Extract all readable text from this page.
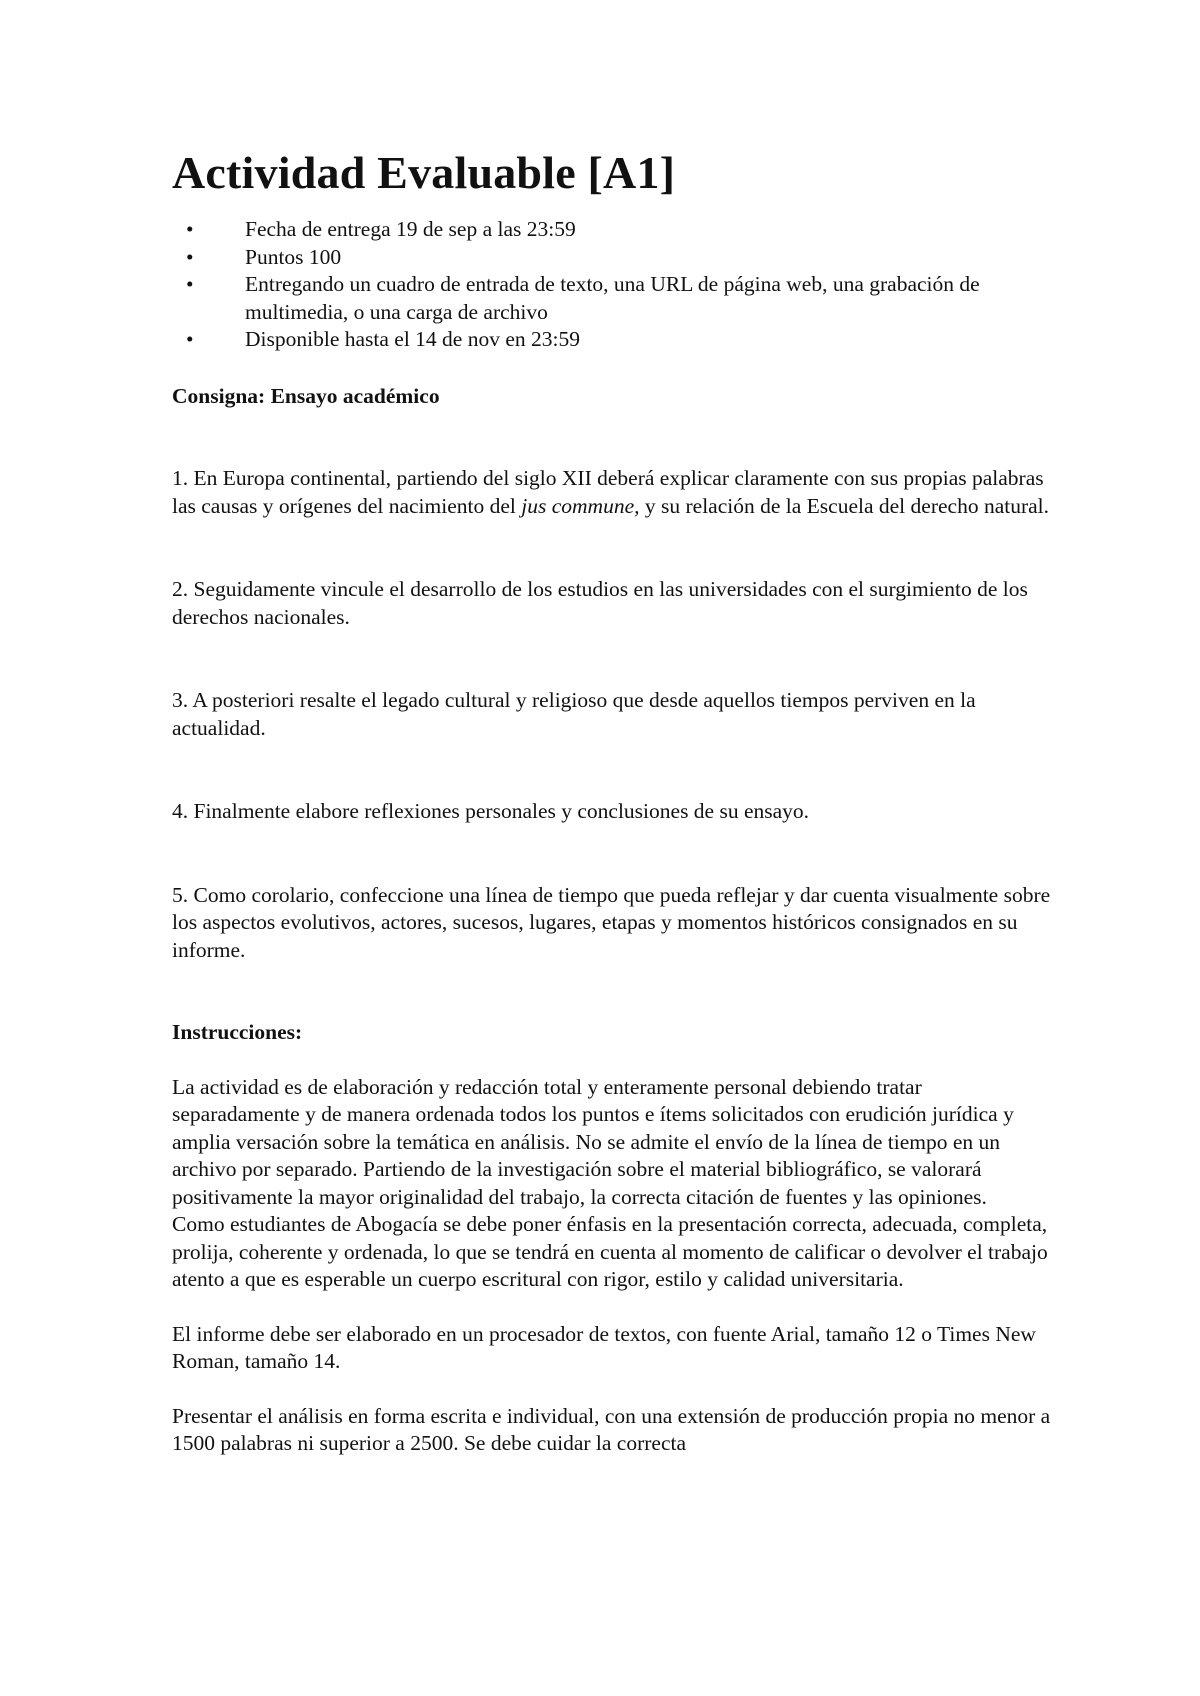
Actividad Evaluable [A1]
• Fecha de entrega 19 de sep a las 23:59
• Puntos 100
• Entregando un cuadro de entrada de texto, una URL de página web, una grabación de multimedia, o una carga de archivo
• Disponible hasta el 14 de nov en 23:59

Consigna: Ensayo académico

1. En Europa continental, partiendo del siglo XII deberá explicar claramente con sus propias palabras las causas y orígenes del nacimiento del jus commune, y su relación de la Escuela del derecho natural.

2. Seguidamente vincule el desarrollo de los estudios en las universidades con el surgimiento de los derechos nacionales.

3. A posteriori resalte el legado cultural y religioso que desde aquellos tiempos perviven en la actualidad.

4. Finalmente elabore reflexiones personales y conclusiones de su ensayo.

5. Como corolario, confeccione una línea de tiempo que pueda reflejar y dar cuenta visualmente sobre los aspectos evolutivos, actores, sucesos, lugares, etapas y momentos históricos consignados en su informe.

Instrucciones:

La actividad es de elaboración y redacción total y enteramente personal debiendo tratar separadamente y de manera ordenada todos los puntos e ítems solicitados con erudición jurídica y amplia versación sobre la temática en análisis. No se admite el envío de la línea de tiempo en un archivo por separado. Partiendo de la investigación sobre el material bibliográfico, se valorará positivamente la mayor originalidad del trabajo, la correcta citación de fuentes y las opiniones.   Como estudiantes de Abogacía se debe poner énfasis en la presentación correcta, adecuada, completa, prolija, coherente y ordenada, lo que se tendrá en cuenta al momento de calificar o devolver el trabajo atento a que es esperable un cuerpo escritural con rigor, estilo y calidad universitaria.

El informe debe ser elaborado en un procesador de textos, con fuente Arial, tamaño 12 o Times New Roman, tamaño 14.

Presentar el análisis en forma escrita e individual, con una extensión de producción propia no menor a 1500 palabras ni superior a 2500. Se debe cuidar la correcta
